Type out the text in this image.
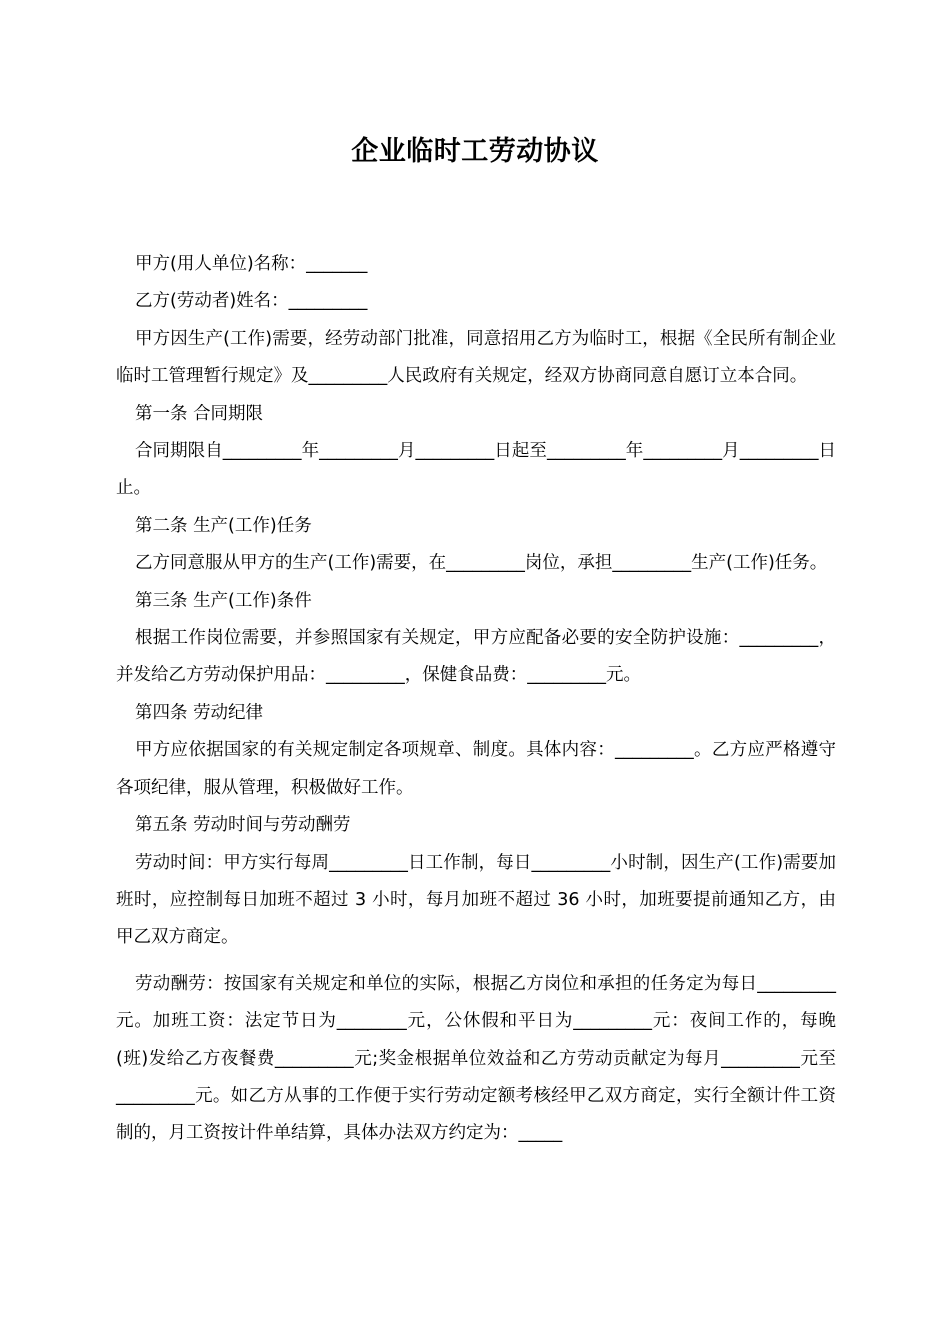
企业临时工劳动协议

甲方(用人单位)名称：_______

乙方(劳动者)姓名：_________

甲方因生产(工作)需要，经劳动部门批准，同意招用乙方为临时工，根据《全民所有制企业临时工管理暂行规定》及_________人民政府有关规定，经双方协商同意自愿订立本合同。

第一条 合同期限

合同期限自_________年_________月_________日起至_________年_________月_________日止。

第二条 生产(工作)任务

乙方同意服从甲方的生产(工作)需要，在_________岗位，承担_________生产(工作)任务。

第三条 生产(工作)条件

根据工作岗位需要，并参照国家有关规定，甲方应配备必要的安全防护设施：_________，并发给乙方劳动保护用品：_________，保健食品费：_________元。

第四条 劳动纪律

甲方应依据国家的有关规定制定各项规章、制度。具体内容：_________。乙方应严格遵守各项纪律，服从管理，积极做好工作。

第五条 劳动时间与劳动酬劳

劳动时间：甲方实行每周_________日工作制，每日_________小时制，因生产(工作)需要加班时，应控制每日加班不超过 3 小时，每月加班不超过 36 小时，加班要提前通知乙方，由甲乙双方商定。

劳动酬劳：按国家有关规定和单位的实际，根据乙方岗位和承担的任务定为每日_________元。加班工资：法定节日为________元，公休假和平日为_________元：夜间工作的，每晚(班)发给乙方夜餐费_________元;奖金根据单位效益和乙方劳动贡献定为每月_________元至_________元。如乙方从事的工作便于实行劳动定额考核经甲乙双方商定，实行全额计件工资制的，月工资按计件单结算，具体办法双方约定为：_____
